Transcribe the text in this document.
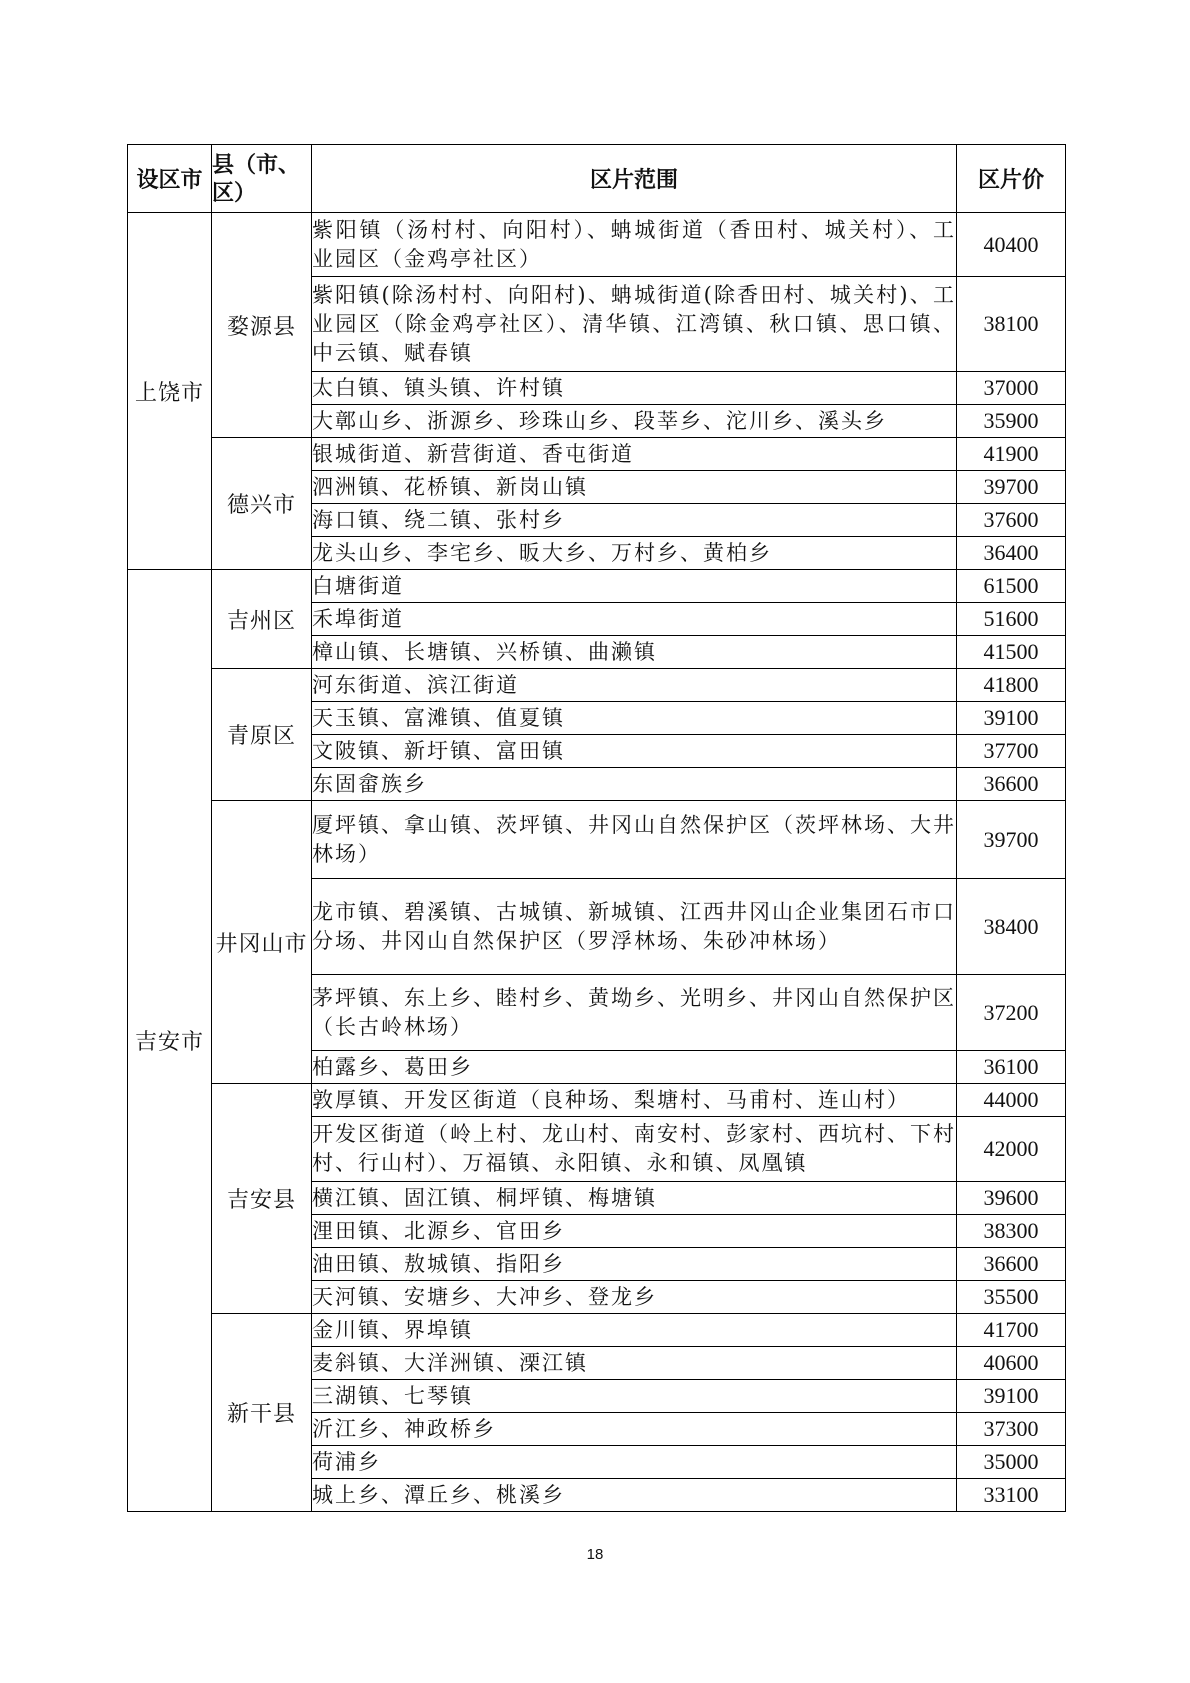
设区市	县（市、区）	区片范围	区片价
上饶市	婺源县	紫阳镇（汤村村、向阳村）、蚺城街道（香田村、城关村）、工业园区（金鸡亭社区）	40400
		紫阳镇(除汤村村、向阳村)、蚺城街道(除香田村、城关村)、工业园区（除金鸡亭社区）、清华镇、江湾镇、秋口镇、思口镇、中云镇、赋春镇	38100
		太白镇、镇头镇、许村镇	37000
		大鄣山乡、浙源乡、珍珠山乡、段莘乡、沱川乡、溪头乡	35900
	德兴市	银城街道、新营街道、香屯街道	41900
		泗洲镇、花桥镇、新岗山镇	39700
		海口镇、绕二镇、张村乡	37600
		龙头山乡、李宅乡、昄大乡、万村乡、黄柏乡	36400
吉安市	吉州区	白塘街道	61500
		禾埠街道	51600
		樟山镇、长塘镇、兴桥镇、曲濑镇	41500
	青原区	河东街道、滨江街道	41800
		天玉镇、富滩镇、值夏镇	39100
		文陂镇、新圩镇、富田镇	37700
		东固畲族乡	36600
	井冈山市	厦坪镇、拿山镇、茨坪镇、井冈山自然保护区（茨坪林场、大井林场）	39700
		龙市镇、碧溪镇、古城镇、新城镇、江西井冈山企业集团石市口分场、井冈山自然保护区（罗浮林场、朱砂冲林场）	38400
		茅坪镇、东上乡、睦村乡、黄坳乡、光明乡、井冈山自然保护区（长古岭林场）	37200
		柏露乡、葛田乡	36100
	吉安县	敦厚镇、开发区街道（良种场、梨塘村、马甫村、连山村）	44000
		开发区街道（岭上村、龙山村、南安村、彭家村、西坑村、下村村、行山村）、万福镇、永阳镇、永和镇、凤凰镇	42000
		横江镇、固江镇、桐坪镇、梅塘镇	39600
		浬田镇、北源乡、官田乡	38300
		油田镇、敖城镇、指阳乡	36600
		天河镇、安塘乡、大冲乡、登龙乡	35500
	新干县	金川镇、界埠镇	41700
		麦斜镇、大洋洲镇、溧江镇	40600
		三湖镇、七琴镇	39100
		沂江乡、神政桥乡	37300
		荷浦乡	35000
		城上乡、潭丘乡、桃溪乡	33100
18
